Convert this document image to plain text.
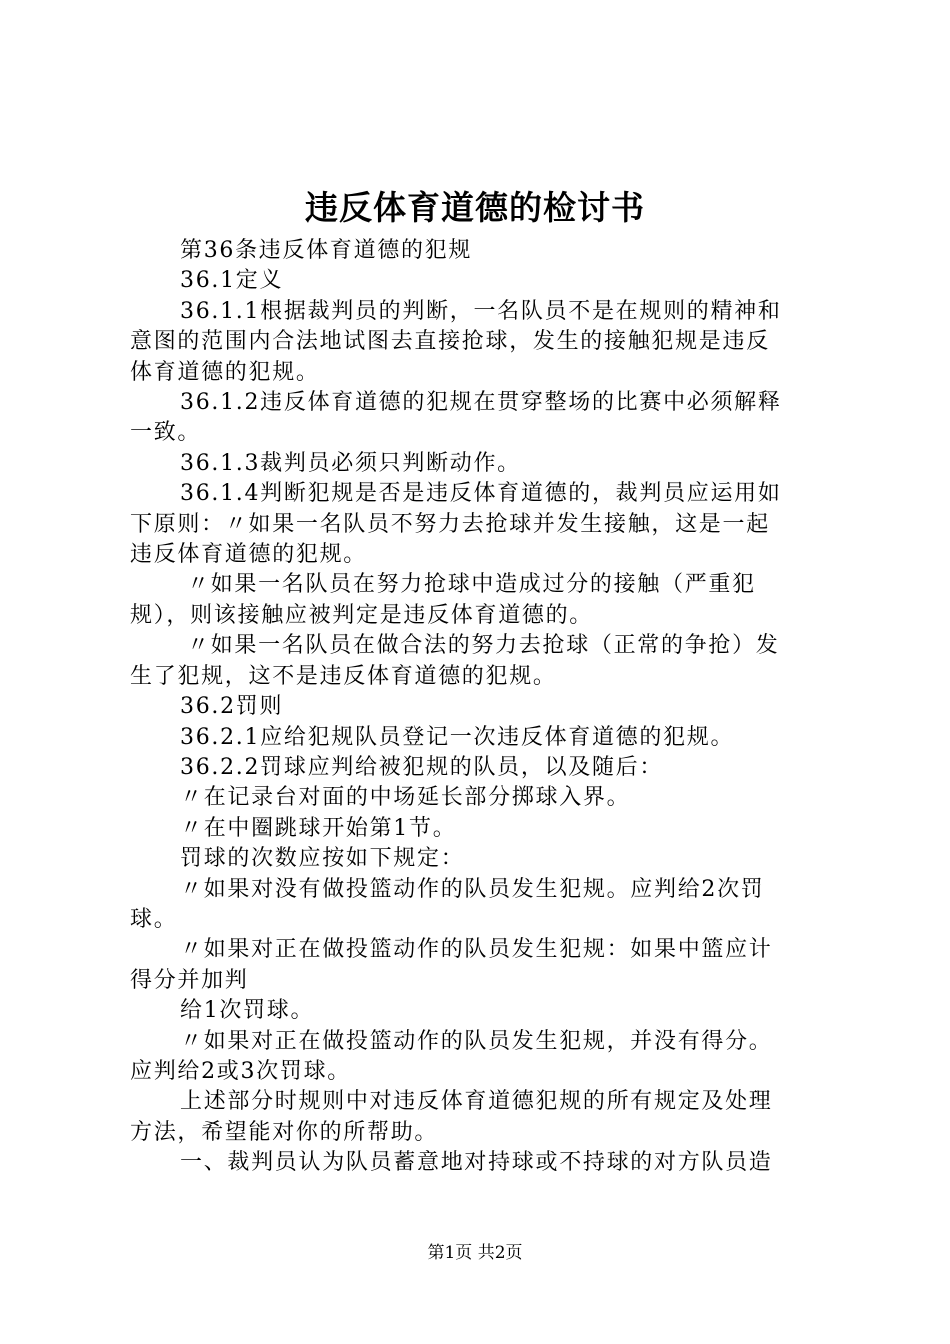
违反体育道德的检讨书

第36条违反体育道德的犯规

36.1定义

36.1.1根据裁判员的判断，一名队员不是在规则的精神和

意图的范围内合法地试图去直接抢球，发生的接触犯规是违反

体育道德的犯规。

36.1.2违反体育道德的犯规在贯穿整场的比赛中必须解释

一致。

36.1.3裁判员必须只判断动作。

36.1.4判断犯规是否是违反体育道德的，裁判员应运用如

下原则：〃如果一名队员不努力去抢球并发生接触，这是一起

违反体育道德的犯规。

〃如果一名队员在努力抢球中造成过分的接触（严重犯

规），则该接触应被判定是违反体育道德的。

〃如果一名队员在做合法的努力去抢球（正常的争抢）发

生了犯规，这不是违反体育道德的犯规。

36.2罚则

36.2.1应给犯规队员登记一次违反体育道德的犯规。

36.2.2罚球应判给被犯规的队员，以及随后：

〃在记录台对面的中场延长部分掷球入界。

〃在中圈跳球开始第1节。

罚球的次数应按如下规定：

〃如果对没有做投篮动作的队员发生犯规。应判给2次罚

球。

〃如果对正在做投篮动作的队员发生犯规：如果中篮应计

得分并加判

给1次罚球。

〃如果对正在做投篮动作的队员发生犯规，并没有得分。

应判给2或3次罚球。

上述部分时规则中对违反体育道德犯规的所有规定及处理

方法，希望能对你的所帮助。

一、裁判员认为队员蓄意地对持球或不持球的对方队员造

第1页 共2页
